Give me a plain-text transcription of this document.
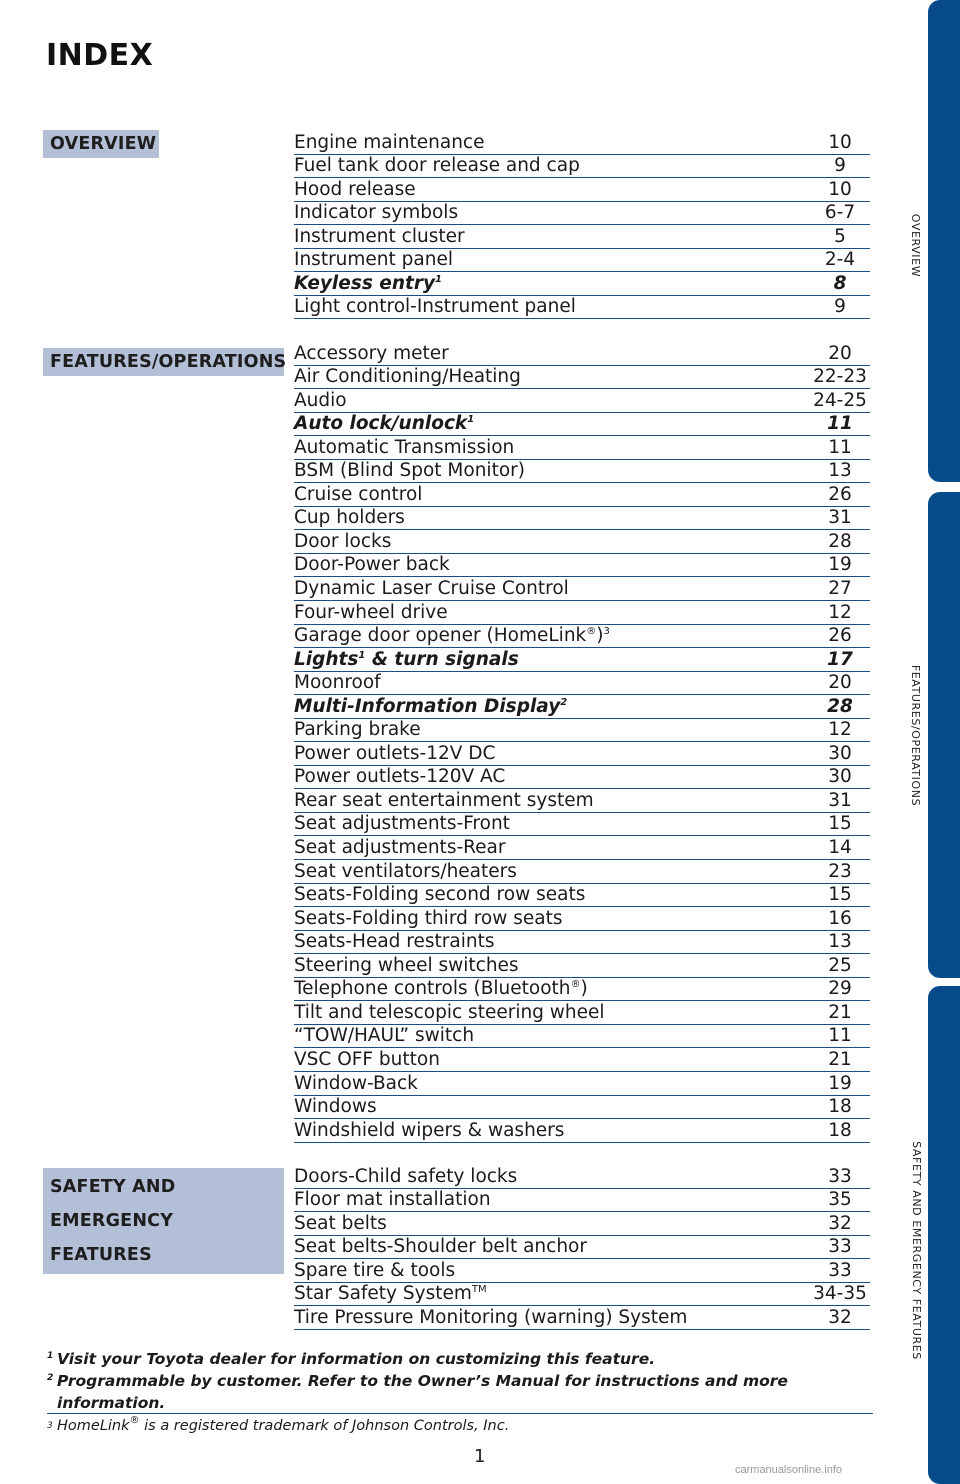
INDEX
OVERVIEW
FEATURES/OPERATIONS
SAFETY AND
EMERGENCY FEATURES
Engine maintenance	10
Fuel tank door release and cap	9
Hood release	10
Indicator symbols	6-7
Instrument cluster	5
Instrument panel	2-4
Keyless entry$^1$	8
Light control-Instrument panel	9
Accessory meter	20
Air Conditioning/Heating	22-23
Audio	24-25
Auto lock/unlock$^1$	11
Automatic Transmission	11
BSM (Blind Spot Monitor)	13
Cruise control	26
Cup holders	31
Door locks	28
Door-Power back	19
Dynamic Laser Cruise Control	27
Four-wheel drive	12
Garage door opener (HomeLink®)$^3$	26
Lights$^1$ & turn signals	17
Moonroof	20
Multi-Information Display$^2$	28
Parking brake	12
Power outlets-12V DC	30
Power outlets-120V AC	30
Rear seat entertainment system	31
Seat adjustments-Front	15
Seat adjustments-Rear	14
Seat ventilators/heaters	23
Seats-Folding second row seats	15
Seats-Folding third row seats	16
Seats-Head restraints	13
Steering wheel switches	25
Telephone controls (Bluetooth®)	29
Tilt and telescopic steering wheel	21
“TOW/HAUL” switch	11
VSC OFF button	21
Window-Back	19
Windows	18
Windshield wipers & washers	18
Doors-Child safety locks	33
Floor mat installation	35
Seat belts	32
Seat belts-Shoulder belt anchor	33
Spare tire & tools	33
Star Safety System™	34-35
Tire Pressure Monitoring (warning) System	32
1 Visit your Toyota dealer for information on customizing this feature.
2 Programmable by customer. Refer to the Owner’s Manual for instructions and more information.
3 HomeLink® is a registered trademark of Johnson Controls, Inc.
1
OVERVIEW
FEATURES/OPERATIONS
SAFETY AND EMERGENCY FEATURES
carmanualsonline.info
